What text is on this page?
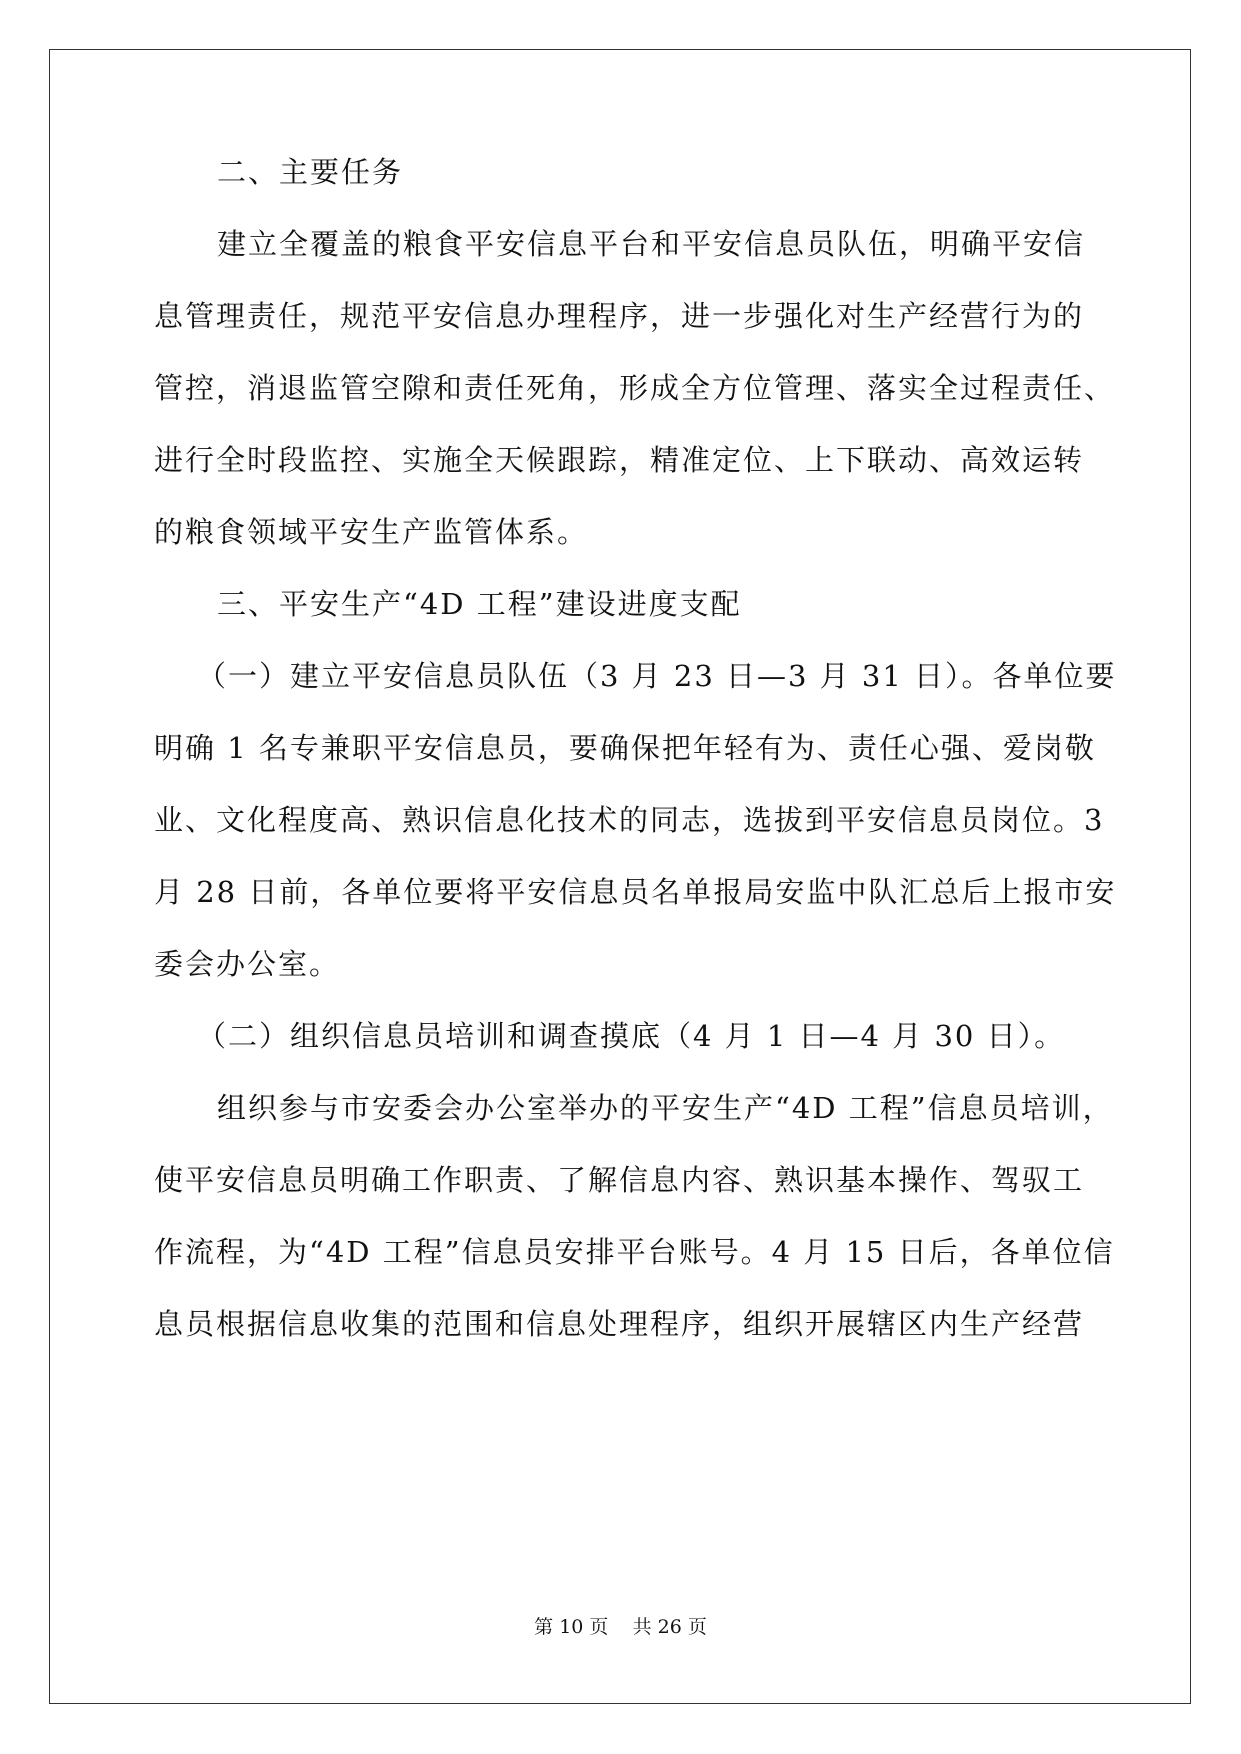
二、主要任务
建立全覆盖的粮食平安信息平台和平安信息员队伍，明确平安信
息管理责任，规范平安信息办理程序，进一步强化对生产经营行为的
管控，消退监管空隙和责任死角，形成全方位管理、落实全过程责任、
进行全时段监控、实施全天候跟踪，精准定位、上下联动、高效运转
的粮食领域平安生产监管体系。
三、平安生产“4D 工程”建设进度支配
（一）建立平安信息员队伍（3 月 23 日—3 月 31 日）。各单位要
明确 1 名专兼职平安信息员，要确保把年轻有为、责任心强、爱岗敬
业、文化程度高、熟识信息化技术的同志，选拔到平安信息员岗位。3
月 28 日前，各单位要将平安信息员名单报局安监中队汇总后上报市安
委会办公室。
（二）组织信息员培训和调查摸底（4 月 1 日—4 月 30 日）。
组织参与市安委会办公室举办的平安生产“4D 工程”信息员培训，
使平安信息员明确工作职责、了解信息内容、熟识基本操作、驾驭工
作流程，为“4D 工程”信息员安排平台账号。4 月 15 日后，各单位信
息员根据信息收集的范围和信息处理程序，组织开展辖区内生产经营
第 10 页    共 26 页
